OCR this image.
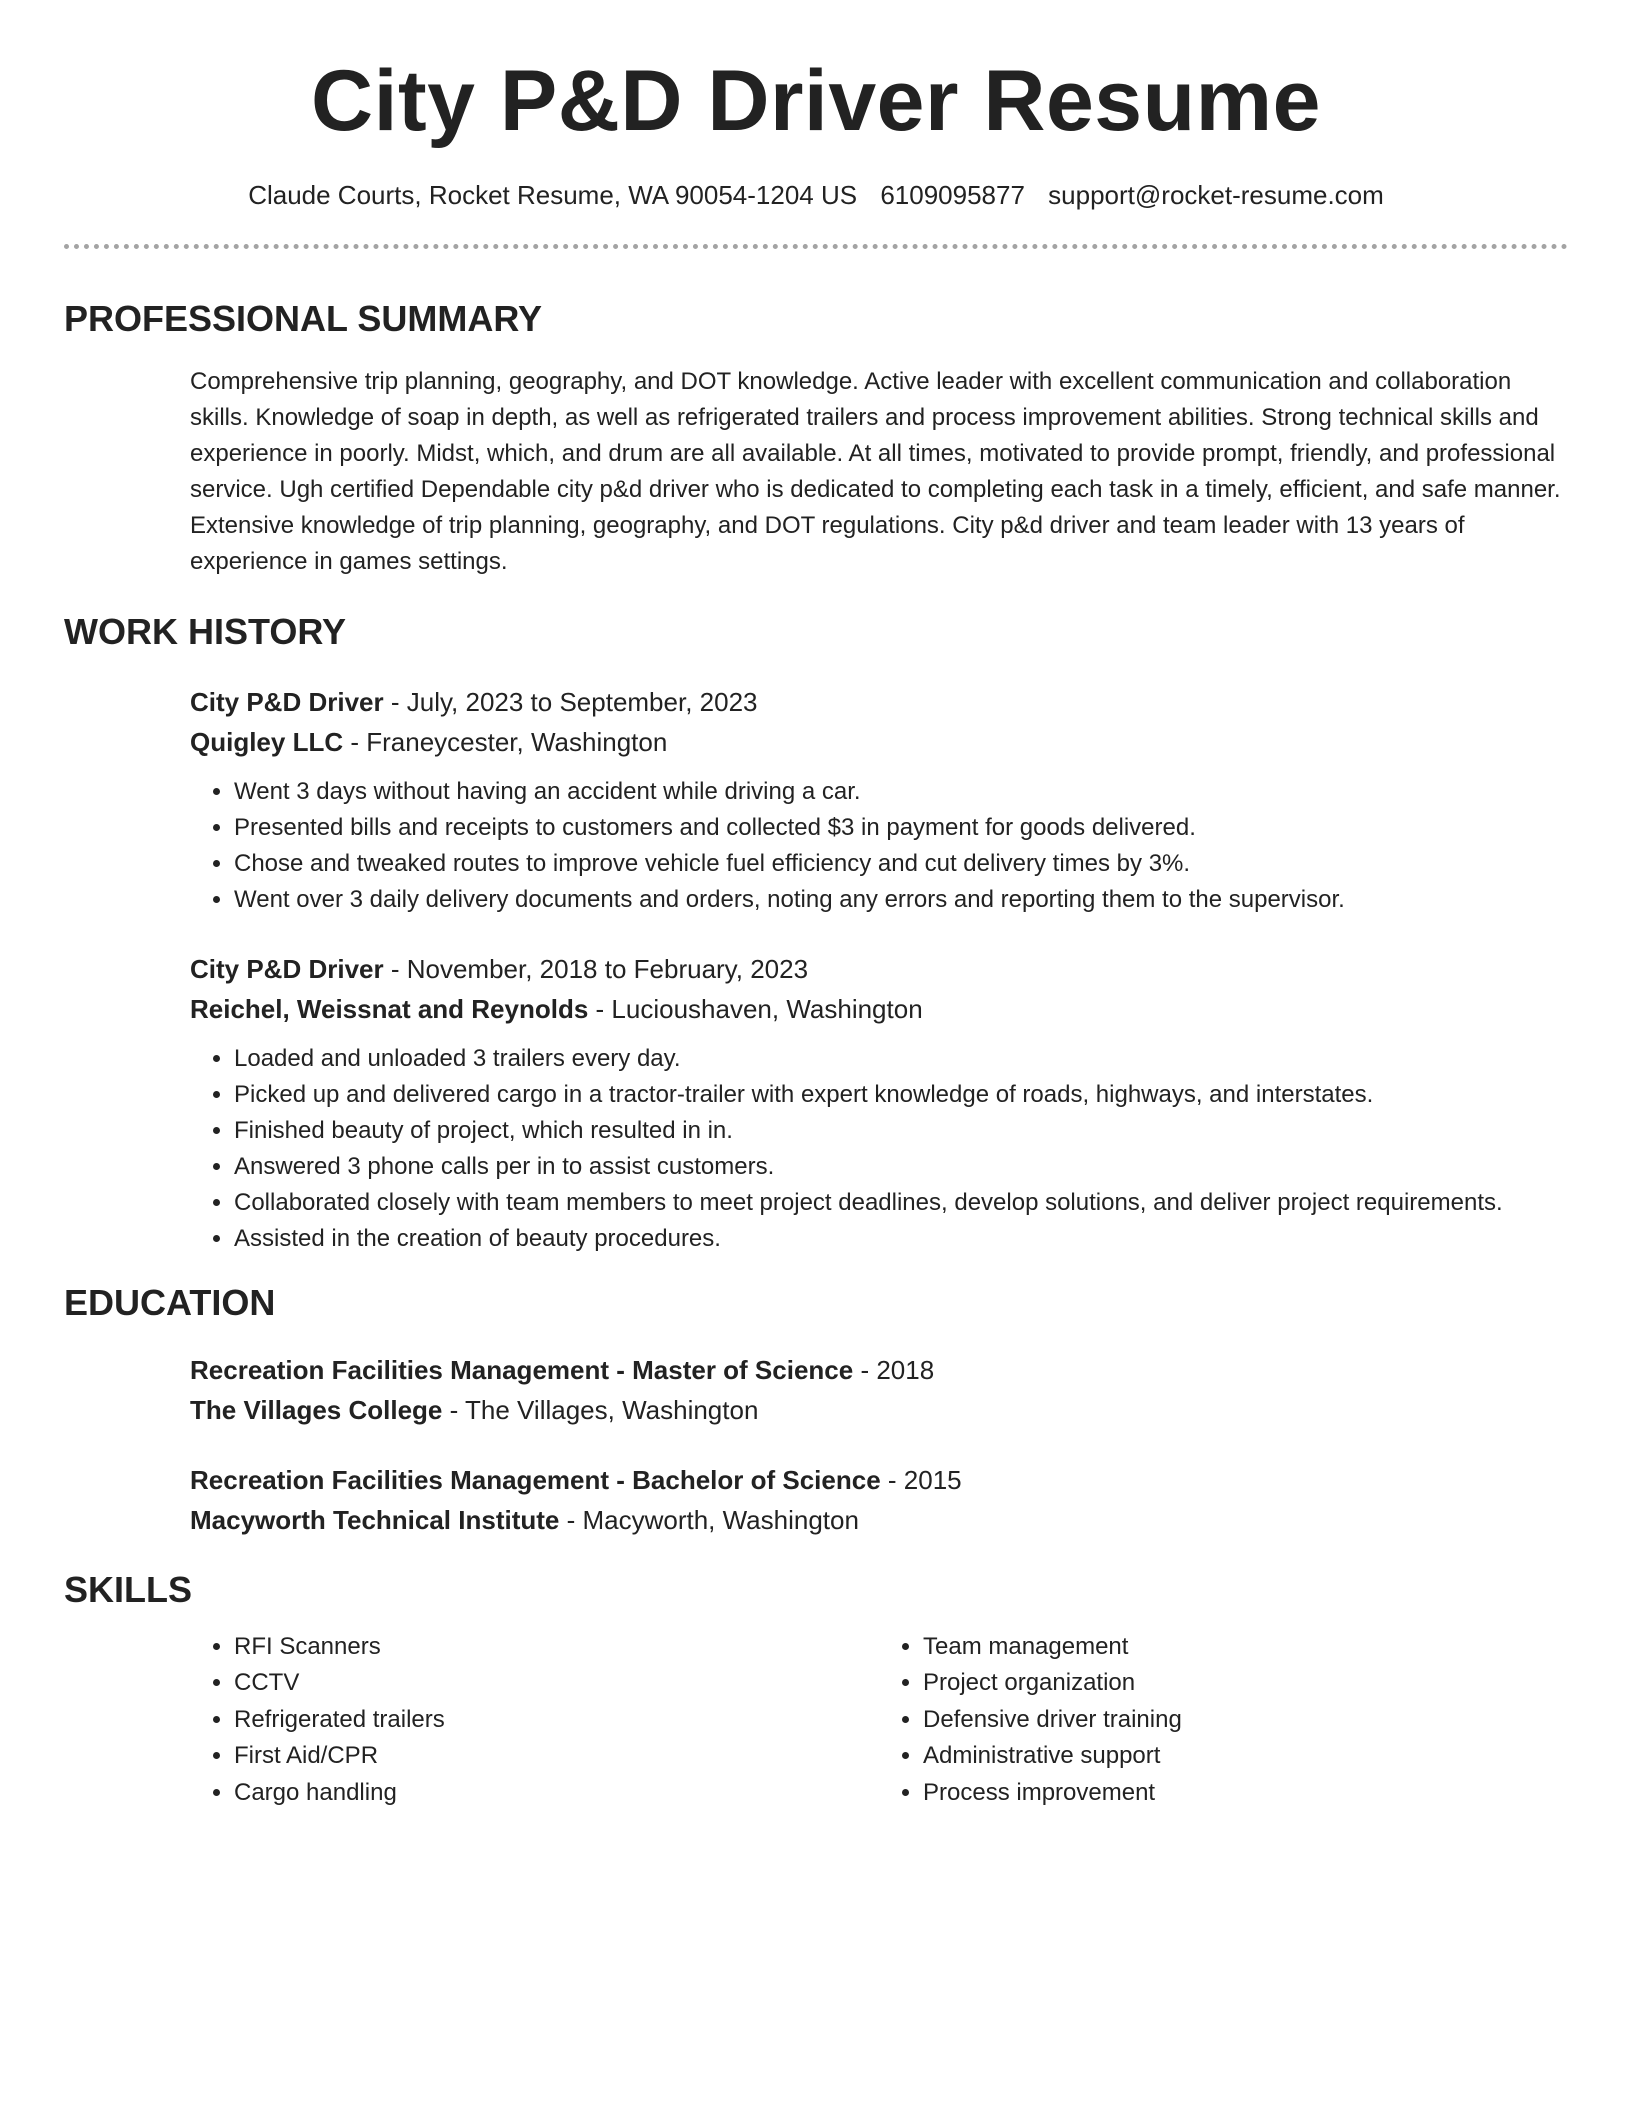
City P&D Driver Resume
Claude Courts, Rocket Resume, WA 90054-1204 US 6109095877 support@rocket-resume.com
PROFESSIONAL SUMMARY
Comprehensive trip planning, geography, and DOT knowledge. Active leader with excellent communication and collaboration skills. Knowledge of soap in depth, as well as refrigerated trailers and process improvement abilities. Strong technical skills and experience in poorly. Midst, which, and drum are all available. At all times, motivated to provide prompt, friendly, and professional service. Ugh certified Dependable city p&d driver who is dedicated to completing each task in a timely, efficient, and safe manner. Extensive knowledge of trip planning, geography, and DOT regulations. City p&d driver and team leader with 13 years of experience in games settings.
WORK HISTORY
City P&D Driver - July, 2023 to September, 2023
Quigley LLC - Franeycester, Washington
• Went 3 days without having an accident while driving a car.
• Presented bills and receipts to customers and collected $3 in payment for goods delivered.
• Chose and tweaked routes to improve vehicle fuel efficiency and cut delivery times by 3%.
• Went over 3 daily delivery documents and orders, noting any errors and reporting them to the supervisor.
City P&D Driver - November, 2018 to February, 2023
Reichel, Weissnat and Reynolds - Lucioushaven, Washington
• Loaded and unloaded 3 trailers every day.
• Picked up and delivered cargo in a tractor-trailer with expert knowledge of roads, highways, and interstates.
• Finished beauty of project, which resulted in in.
• Answered 3 phone calls per in to assist customers.
• Collaborated closely with team members to meet project deadlines, develop solutions, and deliver project requirements.
• Assisted in the creation of beauty procedures.
EDUCATION
Recreation Facilities Management - Master of Science - 2018
The Villages College - The Villages, Washington
Recreation Facilities Management - Bachelor of Science - 2015
Macyworth Technical Institute - Macyworth, Washington
SKILLS
• RFI Scanners
• CCTV
• Refrigerated trailers
• First Aid/CPR
• Cargo handling
• Team management
• Project organization
• Defensive driver training
• Administrative support
• Process improvement
